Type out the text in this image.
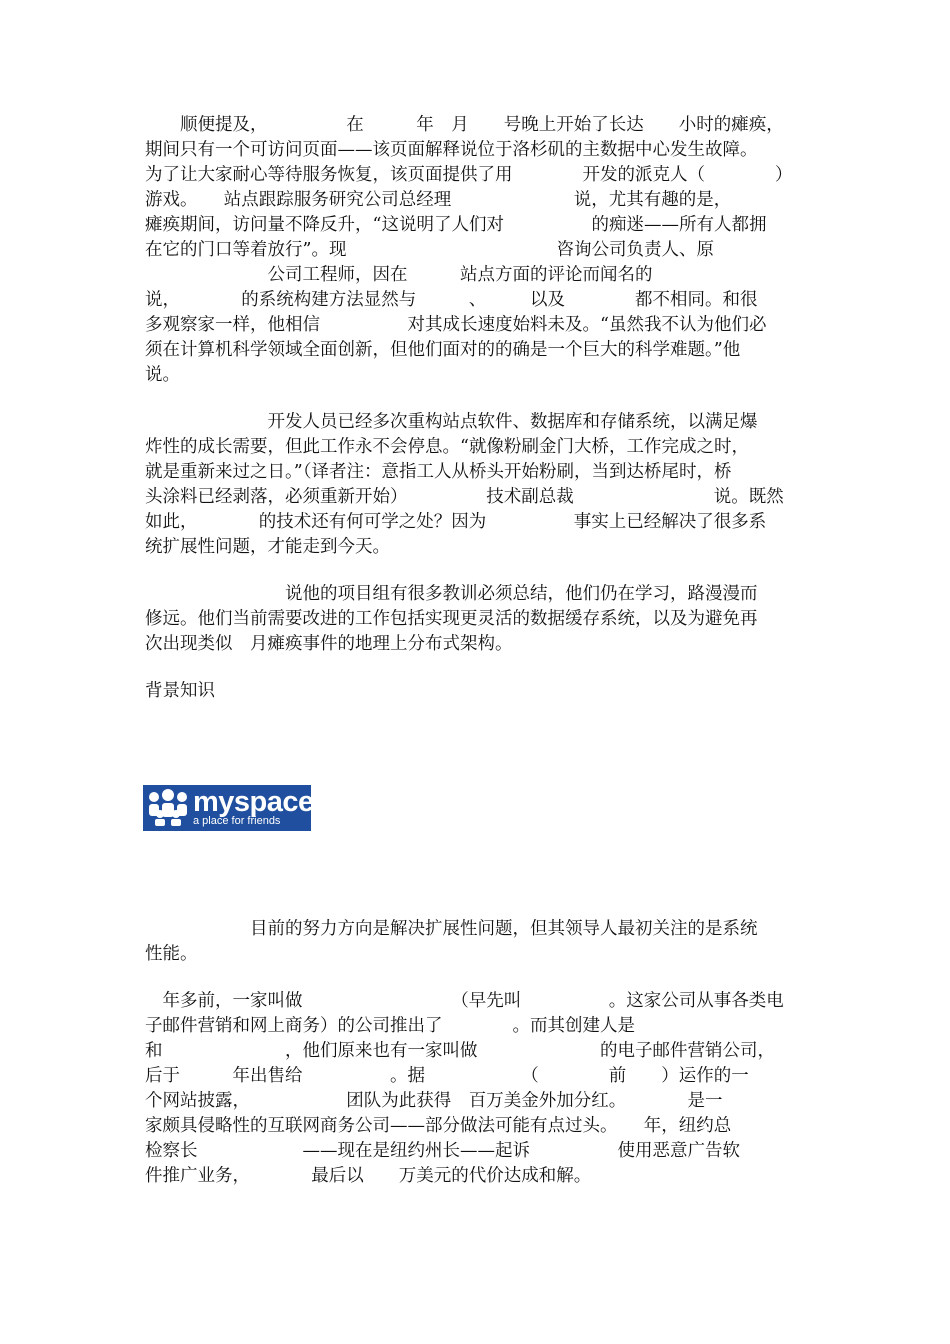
　　顺便提及，　　　　　在　　　年　月　　号晚上开始了长达　　小时的瘫痪，
期间只有一个可访问页面——该页面解释说位于洛杉矶的主数据中心发生故障。
为了让大家耐心等待服务恢复，该页面提供了用　　　　开发的派克人（　　　　）
游戏。　　站点跟踪服务研究公司总经理　　　　　　　说，尤其有趣的是，
瘫痪期间，访问量不降反升，“这说明了人们对　　　　　的痴迷——所有人都拥
在它的门口等着放行”。现　　　　　　　　　　　　咨询公司负责人、原
　　　　　　　公司工程师，因在　　　站点方面的评论而闻名的
说，　　　　的系统构建方法显然与　　　、　　　以及　　　　都不相同。和很
多观察家一样，他相信　　　　　对其成长速度始料未及。“虽然我不认为他们必
须在计算机科学领域全面创新，但他们面对的的确是一个巨大的科学难题。”他
说。
　　　　　　　开发人员已经多次重构站点软件、数据库和存储系统，以满足爆
炸性的成长需要，但此工作永不会停息。“就像粉刷金门大桥，工作完成之时，
就是重新来过之日。”（译者注：意指工人从桥头开始粉刷，当到达桥尾时，桥
头涂料已经剥落，必须重新开始）　　　　　技术副总裁　　　　　　　　说。既然
如此，　　　　的技术还有何可学之处？因为　　　　　事实上已经解决了很多系
统扩展性问题，才能走到今天。
　　　　　　　　说他的项目组有很多教训必须总结，他们仍在学习，路漫漫而
修远。他们当前需要改进的工作包括实现更灵活的数据缓存系统，以及为避免再
次出现类似　月瘫痪事件的地理上分布式架构。
背景知识
　　　　　　目前的努力方向是解决扩展性问题，但其领导人最初关注的是系统
性能。
　年多前，一家叫做　　　　　　　　　（早先叫　　　　　。这家公司从事各类电
子邮件营销和网上商务）的公司推出了　　　　。而其创建人是
和　　　　　　　，他们原来也有一家叫做　　　　　　　的电子邮件营销公司，
后于　　　年出售给　　　　　。据　　　　　　（　　　　前　　）运作的一
个网站披露，　　　　　　团队为此获得　百万美金外加分红。　　　　是一
家颇具侵略性的互联网商务公司——部分做法可能有点过头。　　年，纽约总
检察长　　　　　　——现在是纽约州长——起诉　　　　　使用恶意广告软
件推广业务，　　　　最后以　　万美元的代价达成和解。
myspace
a place for friends
